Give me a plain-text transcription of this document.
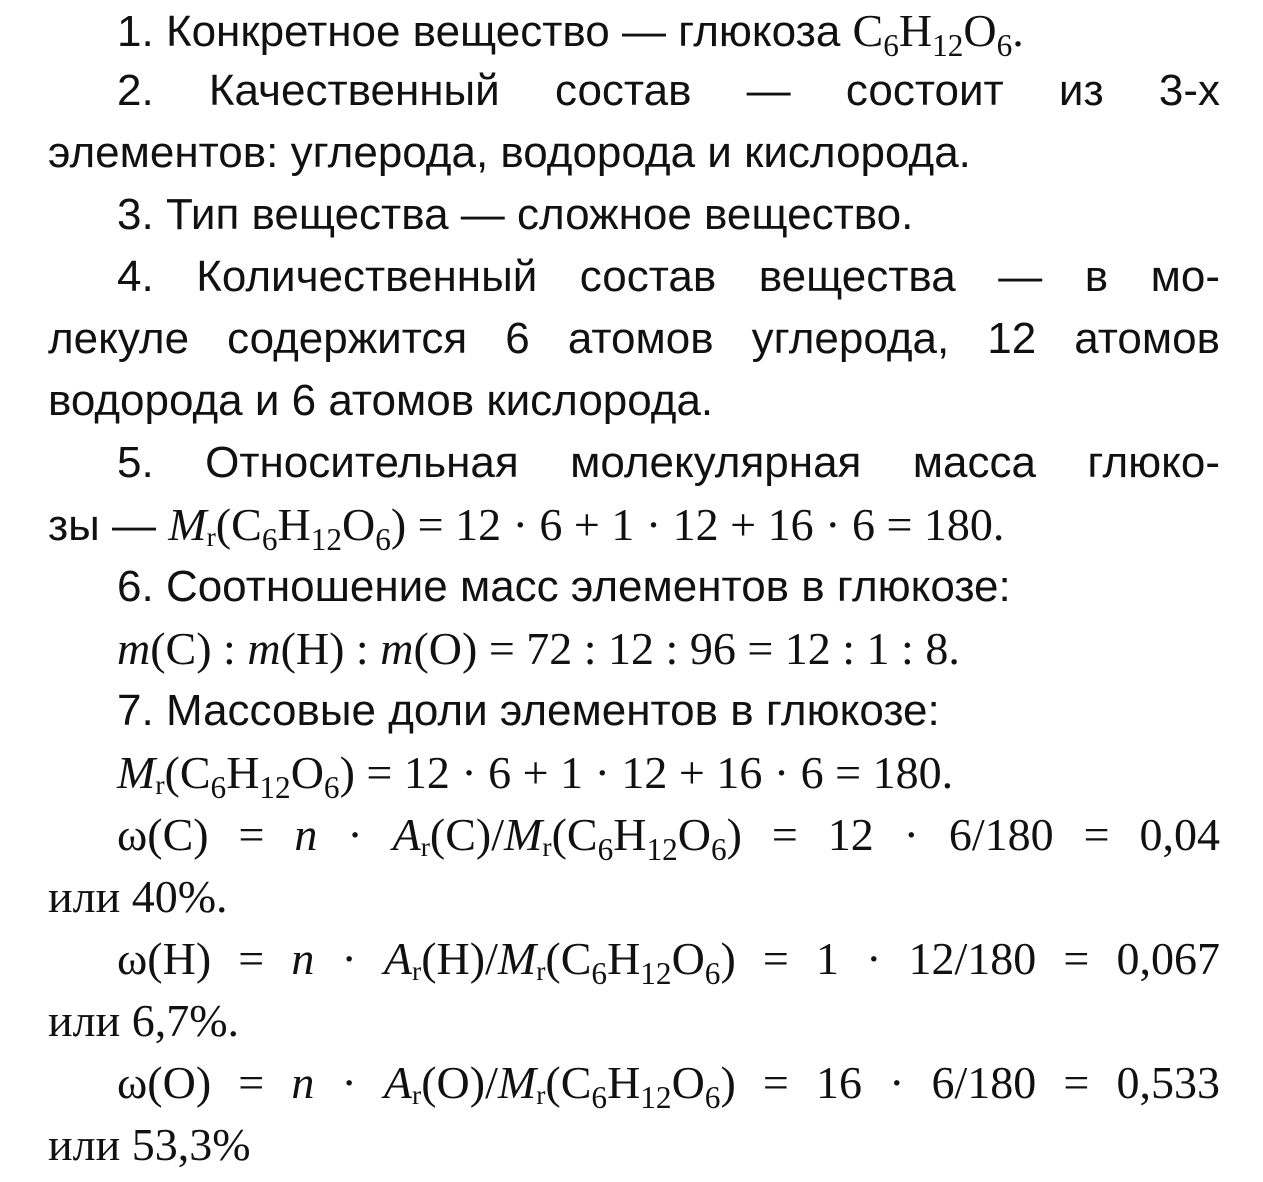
1. Конкретное вещество — глюкоза $C_6H_{12}O_6$.
2. Качественный состав — состоит из 3-х
элементов: углерода, водорода и кислорода.
3. Тип вещества — сложное вещество.
4. Количественный состав вещества — в мо-
лекуле содержится 6 атомов углерода, 12 атомов
водорода и 6 атомов кислорода.
5. Относительная молекулярная масса глюко-
зы — $Mr(C_6H_{12}O_6) = 12 \cdot 6 + 1 \cdot 12 + 16 \cdot 6 = 180$.
6. Соотношение масс элементов в глюкозе:
m(C) : m(H) : m(O) = 72 : 12 : 96 = 12 : 1 : 8.
7. Массовые доли элементов в глюкозе:
$Mr(C_6H_{12}O_6) = 12 \cdot 6 + 1 \cdot 12 + 16 \cdot 6 = 180$.
$\omega(C) = n \cdot Ar(C)/Mr(C_6H_{12}O_6) = 12 \cdot 6/180 = 0,04$
или 40%.
$\omega(H) = n \cdot Ar(H)/Mr(C_6H_{12}O_6) = 1 \cdot 12/180 = 0,067$
или 6,7%.
$\omega(O) = n \cdot Ar(O)/Mr(C_6H_{12}O_6) = 16 \cdot 6/180 = 0,533$
или 53,3%
